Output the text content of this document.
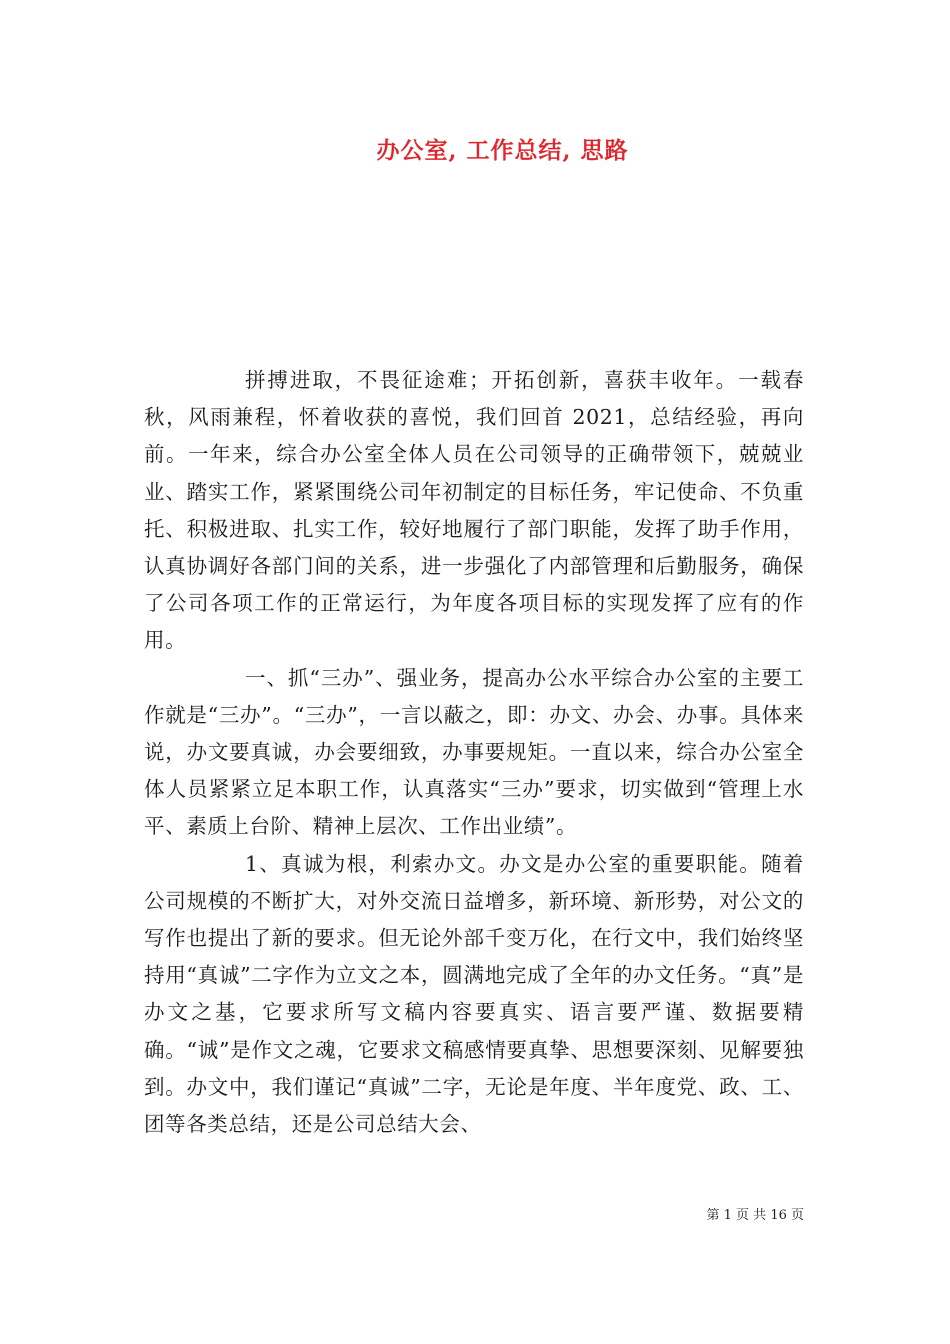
办公室, 工作总结, 思路

拼搏进取，不畏征途难；开拓创新，喜获丰收年。一载春秋，风雨兼程，怀着收获的喜悦，我们回首 2021，总结经验，再向前。一年来，综合办公室全体人员在公司领导的正确带领下，兢兢业业、踏实工作，紧紧围绕公司年初制定的目标任务，牢记使命、不负重托、积极进取、扎实工作，较好地履行了部门职能，发挥了助手作用，认真协调好各部门间的关系，进一步强化了内部管理和后勤服务，确保了公司各项工作的正常运行，为年度各项目标的实现发挥了应有的作用。

一、抓“三办”、强业务，提高办公水平综合办公室的主要工作就是“三办”。“三办”，一言以蔽之，即：办文、办会、办事。具体来说，办文要真诚，办会要细致，办事要规矩。一直以来，综合办公室全体人员紧紧立足本职工作，认真落实“三办”要求，切实做到“管理上水平、素质上台阶、精神上层次、工作出业绩”。

1、真诚为根，利索办文。办文是办公室的重要职能。随着公司规模的不断扩大，对外交流日益增多，新环境、新形势，对公文的写作也提出了新的要求。但无论外部千变万化，在行文中，我们始终坚持用“真诚”二字作为立文之本，圆满地完成了全年的办文任务。“真”是办文之基，它要求所写文稿内容要真实、语言要严谨、数据要精确。“诚”是作文之魂，它要求文稿感情要真挚、思想要深刻、见解要独到。办文中，我们谨记“真诚”二字，无论是年度、半年度党、政、工、团等各类总结，还是公司总结大会、

第 1 页 共 16 页
